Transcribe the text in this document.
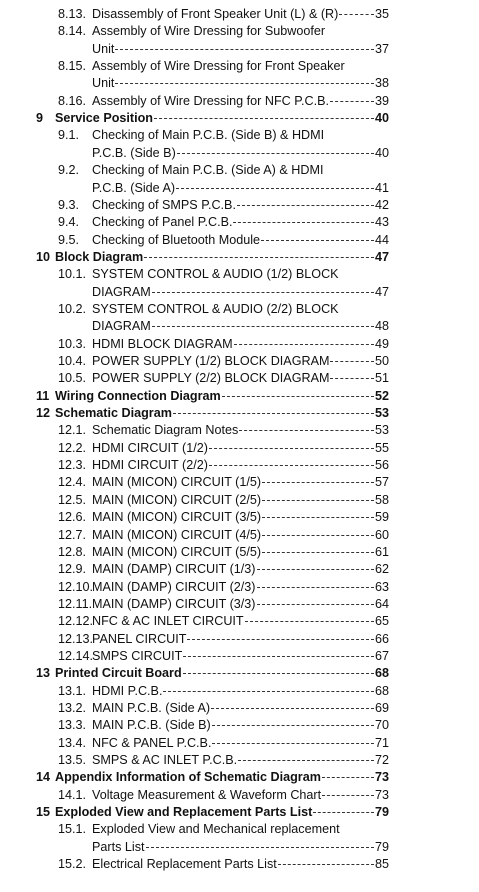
8.13. Disassembly of Front Speaker Unit (L) & (R)	35
8.14. Assembly of Wire Dressing for Subwoofer
Unit	37
8.15. Assembly of Wire Dressing for Front Speaker
Unit	38
8.16. Assembly of Wire Dressing for NFC P.C.B.	39
9 Service Position	40
9.1. Checking of Main P.C.B. (Side B) & HDMI
P.C.B. (Side B)	40
9.2. Checking of Main P.C.B. (Side A) & HDMI
P.C.B. (Side A)	41
9.3. Checking of SMPS P.C.B.	42
9.4. Checking of Panel P.C.B.	43
9.5. Checking of Bluetooth Module	44
10 Block Diagram	47
10.1. SYSTEM CONTROL & AUDIO (1/2) BLOCK
DIAGRAM	47
10.2. SYSTEM CONTROL & AUDIO (2/2) BLOCK
DIAGRAM	48
10.3. HDMI BLOCK DIAGRAM	49
10.4. POWER SUPPLY (1/2) BLOCK DIAGRAM	50
10.5. POWER SUPPLY (2/2) BLOCK DIAGRAM	51
11 Wiring Connection Diagram	52
12 Schematic Diagram	53
12.1. Schematic Diagram Notes	53
12.2. HDMI CIRCUIT (1/2)	55
12.3. HDMI CIRCUIT (2/2)	56
12.4. MAIN (MICON) CIRCUIT (1/5)	57
12.5. MAIN (MICON) CIRCUIT (2/5)	58
12.6. MAIN (MICON) CIRCUIT (3/5)	59
12.7. MAIN (MICON) CIRCUIT (4/5)	60
12.8. MAIN (MICON) CIRCUIT (5/5)	61
12.9. MAIN (DAMP) CIRCUIT (1/3)	62
12.10.
MAIN (DAMP) CIRCUIT (2/3)	63
12.11. MAIN (DAMP) CIRCUIT (3/3)	64
12.12.
NFC & AC INLET CIRCUIT	65
12.13.
PANEL CIRCUIT	66
12.14.
SMPS CIRCUIT	67
13 Printed Circuit Board	68
13.1. HDMI P.C.B.	68
13.2. MAIN P.C.B. (Side A)	69
13.3. MAIN P.C.B. (Side B)	70
13.4. NFC & PANEL P.C.B.	71
13.5. SMPS & AC INLET P.C.B.	72
14 Appendix Information of Schematic Diagram	73
14.1. Voltage Measurement & Waveform Chart	73
15 Exploded View and Replacement Parts List	79
15.1. Exploded View and Mechanical replacement
Parts List	79
15.2. Electrical Replacement Parts List	85
